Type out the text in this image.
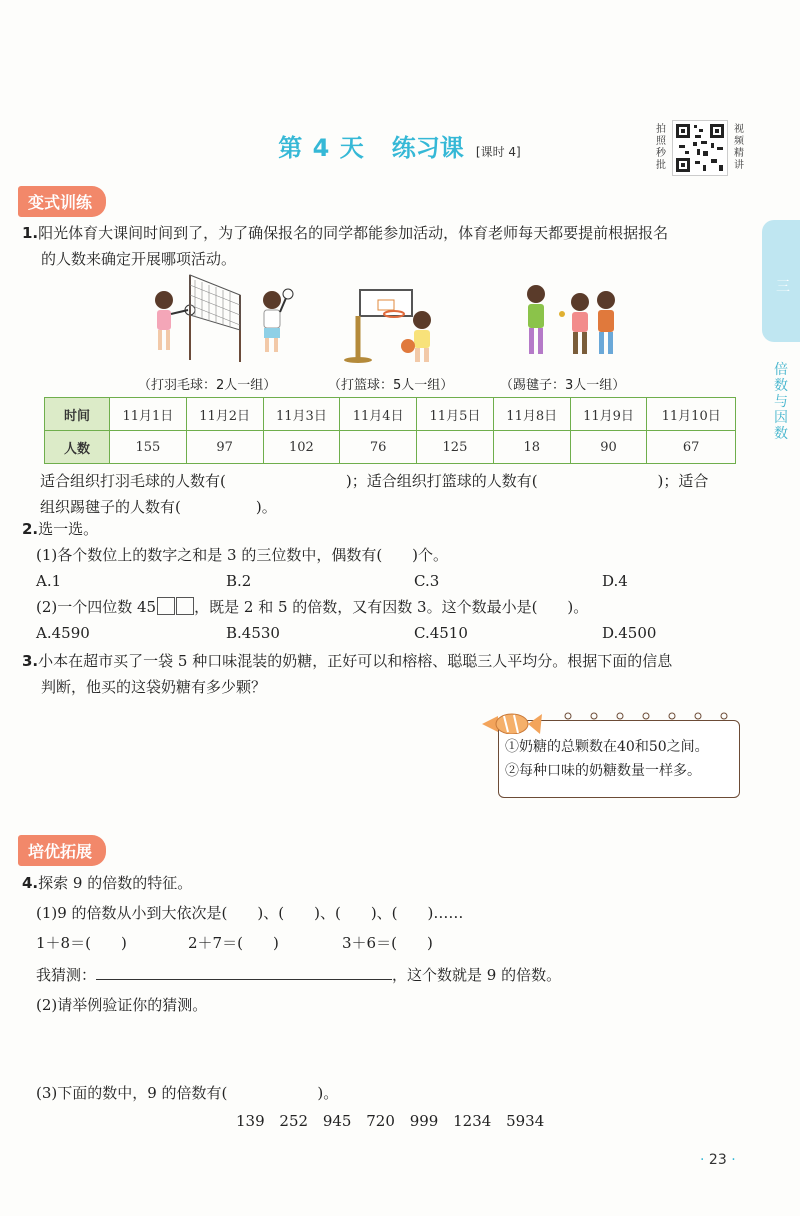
第 4 天 练习课 [课时 4]
拍照秒批
视频精讲
三
倍数与因数
变式训练
1.阳光体育大课间时间到了，为了确保报名的同学都能参加活动，体育老师每天都要提前根据报名
的人数来确定开展哪项活动。
（打羽毛球：2人一组）	（打篮球：5人一组）	（踢毽子：3人一组）
时间	11月1日	11月2日	11月3日	11月4日	11月5日	11月8日	11月9日	11月10日
人数	155	97	102	76	125	18	90	67
适合组织打羽毛球的人数有(　　　　　　　　)；适合组织打篮球的人数有(　　　　　　　　)；适合
组织踢毽子的人数有(　　　　　)。
2.选一选。
(1)各个数位上的数字之和是 3 的三位数中，偶数有(　　)个。
A.1	B.2	C.3	D.4
(2)一个四位数 45	，既是 2 和 5 的倍数，又有因数 3。这个数最小是(　　)。
A.4590	B.4530	C.4510	D.4500
3.小本在超市买了一袋 5 种口味混装的奶糖，正好可以和榕榕、聪聪三人平均分。根据下面的信息
判断，他买的这袋奶糖有多少颗？
①奶糖的总颗数在40和50之间。
②每种口味的奶糖数量一样多。
培优拓展
4.探索 9 的倍数的特征。
(1)9 的倍数从小到大依次是(　　)、(　　)、(　　)、(　　)……
1＋8＝(　　)	2＋7＝(　　)	3＋6＝(　　)
我猜测：	，这个数就是 9 的倍数。
(2)请举例验证你的猜测。
(3)下面的数中，9 的倍数有(　　　　　　)。
139 252 945 720 999 1234 5934
· 23 ·
